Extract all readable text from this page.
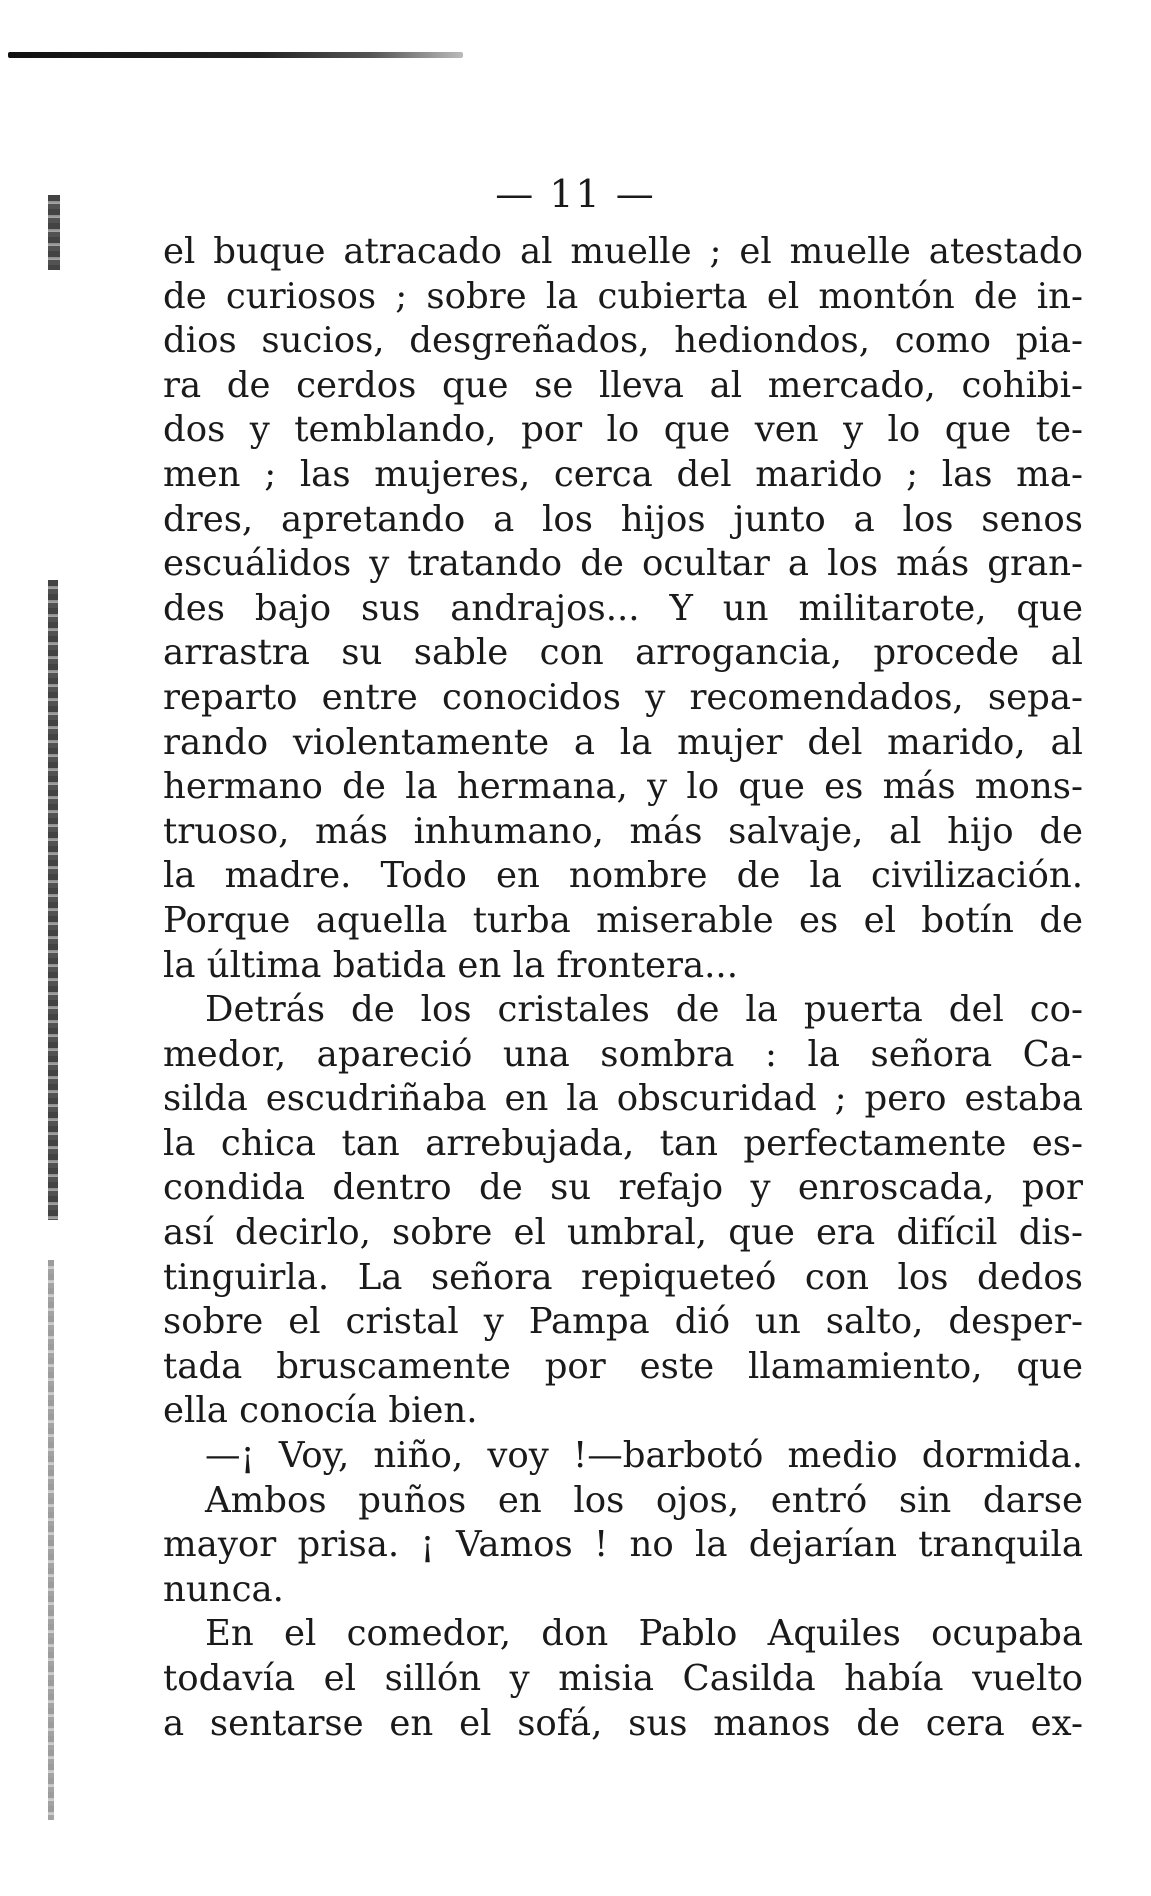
— 11 —
el buque atracado al muelle ; el muelle atestado
de curiosos ; sobre la cubierta el montón de in-
dios sucios, desgreñados, hediondos, como pia-
ra de cerdos que se lleva al mercado, cohibi-
dos y temblando, por lo que ven y lo que te-
men ; las mujeres, cerca del marido ; las ma-
dres, apretando a los hijos junto a los senos
escuálidos y tratando de ocultar a los más gran-
des bajo sus andrajos... Y un militarote, que
arrastra su sable con arrogancia, procede al
reparto entre conocidos y recomendados, sepa-
rando violentamente a la mujer del marido, al
hermano de la hermana, y lo que es más mons-
truoso, más inhumano, más salvaje, al hijo de
la madre. Todo en nombre de la civilización.
Porque aquella turba miserable es el botín de
la última batida en la frontera...
Detrás de los cristales de la puerta del co-
medor, apareció una sombra : la señora Ca-
silda escudriñaba en la obscuridad ; pero estaba
la chica tan arrebujada, tan perfectamente es-
condida dentro de su refajo y enroscada, por
así decirlo, sobre el umbral, que era difícil dis-
tinguirla. La señora repiqueteó con los dedos
sobre el cristal y Pampa dió un salto, desper-
tada bruscamente por este llamamiento, que
ella conocía bien.
—¡ Voy, niño, voy !—barbotó medio dormida.
Ambos puños en los ojos, entró sin darse
mayor prisa. ¡ Vamos ! no la dejarían tranquila
nunca.
En el comedor, don Pablo Aquiles ocupaba
todavía el sillón y misia Casilda había vuelto
a sentarse en el sofá, sus manos de cera ex-
